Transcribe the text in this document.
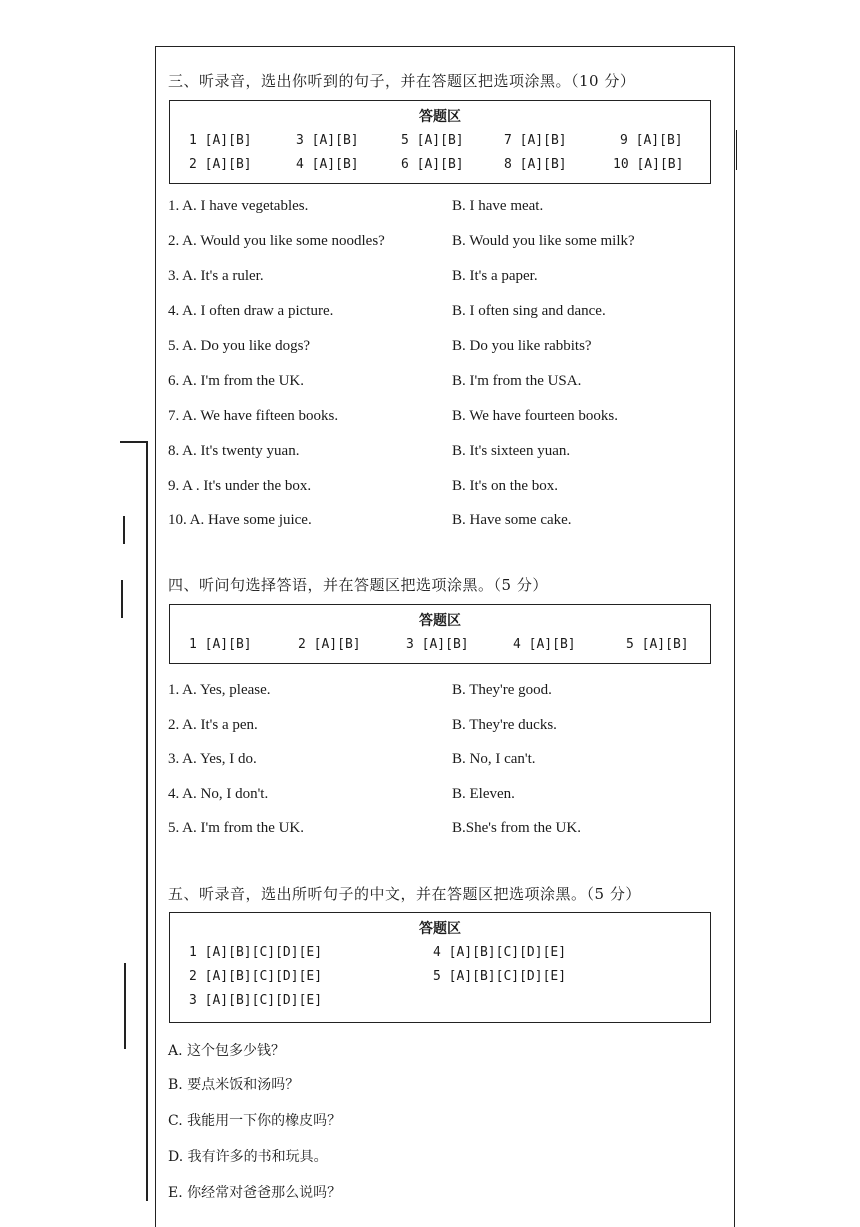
三、听录音，选出你听到的句子，并在答题区把选项涂黑。（10 分）
答题区
1 [A][B]	3 [A][B]	5 [A][B]	7 [A][B]	9 [A][B]
2 [A][B]	4 [A][B]	6 [A][B]	8 [A][B]	10 [A][B]
1. A. I have vegetables.	B. I have meat.
2. A. Would you like some noodles?	B. Would you like some milk?
3. A. It's a ruler.	B. It's a paper.
4. A. I often draw a picture.	B. I often sing and dance.
5. A. Do you like dogs?	B. Do you like rabbits?
6. A. I'm from the UK.	B. I'm from the USA.
7. A. We have fifteen books.	B. We have fourteen books.
8. A. It's twenty yuan.	B. It's sixteen yuan.
9. A . It's under the box.	B. It's on the box.
10. A. Have some juice.	B. Have some cake.
四、听问句选择答语，并在答题区把选项涂黑。（5 分）
答题区
1 [A][B]	2 [A][B]	3 [A][B]	4 [A][B]	5 [A][B]
1. A. Yes, please.	B. They're good.
2. A. It's a pen.	B. They're ducks.
3. A. Yes, I do.	B. No, I can't.
4. A. No, I don't.	B. Eleven.
5. A. I'm from the UK.	B.She's from the UK.
五、听录音，选出所听句子的中文，并在答题区把选项涂黑。（5 分）
答题区
1 [A][B][C][D][E]
2 [A][B][C][D][E]
3 [A][B][C][D][E]
4 [A][B][C][D][E]
5 [A][B][C][D][E]
A. 这个包多少钱？
B. 要点米饭和汤吗？
C. 我能用一下你的橡皮吗？
D. 我有许多的书和玩具。
E. 你经常对爸爸那么说吗？
